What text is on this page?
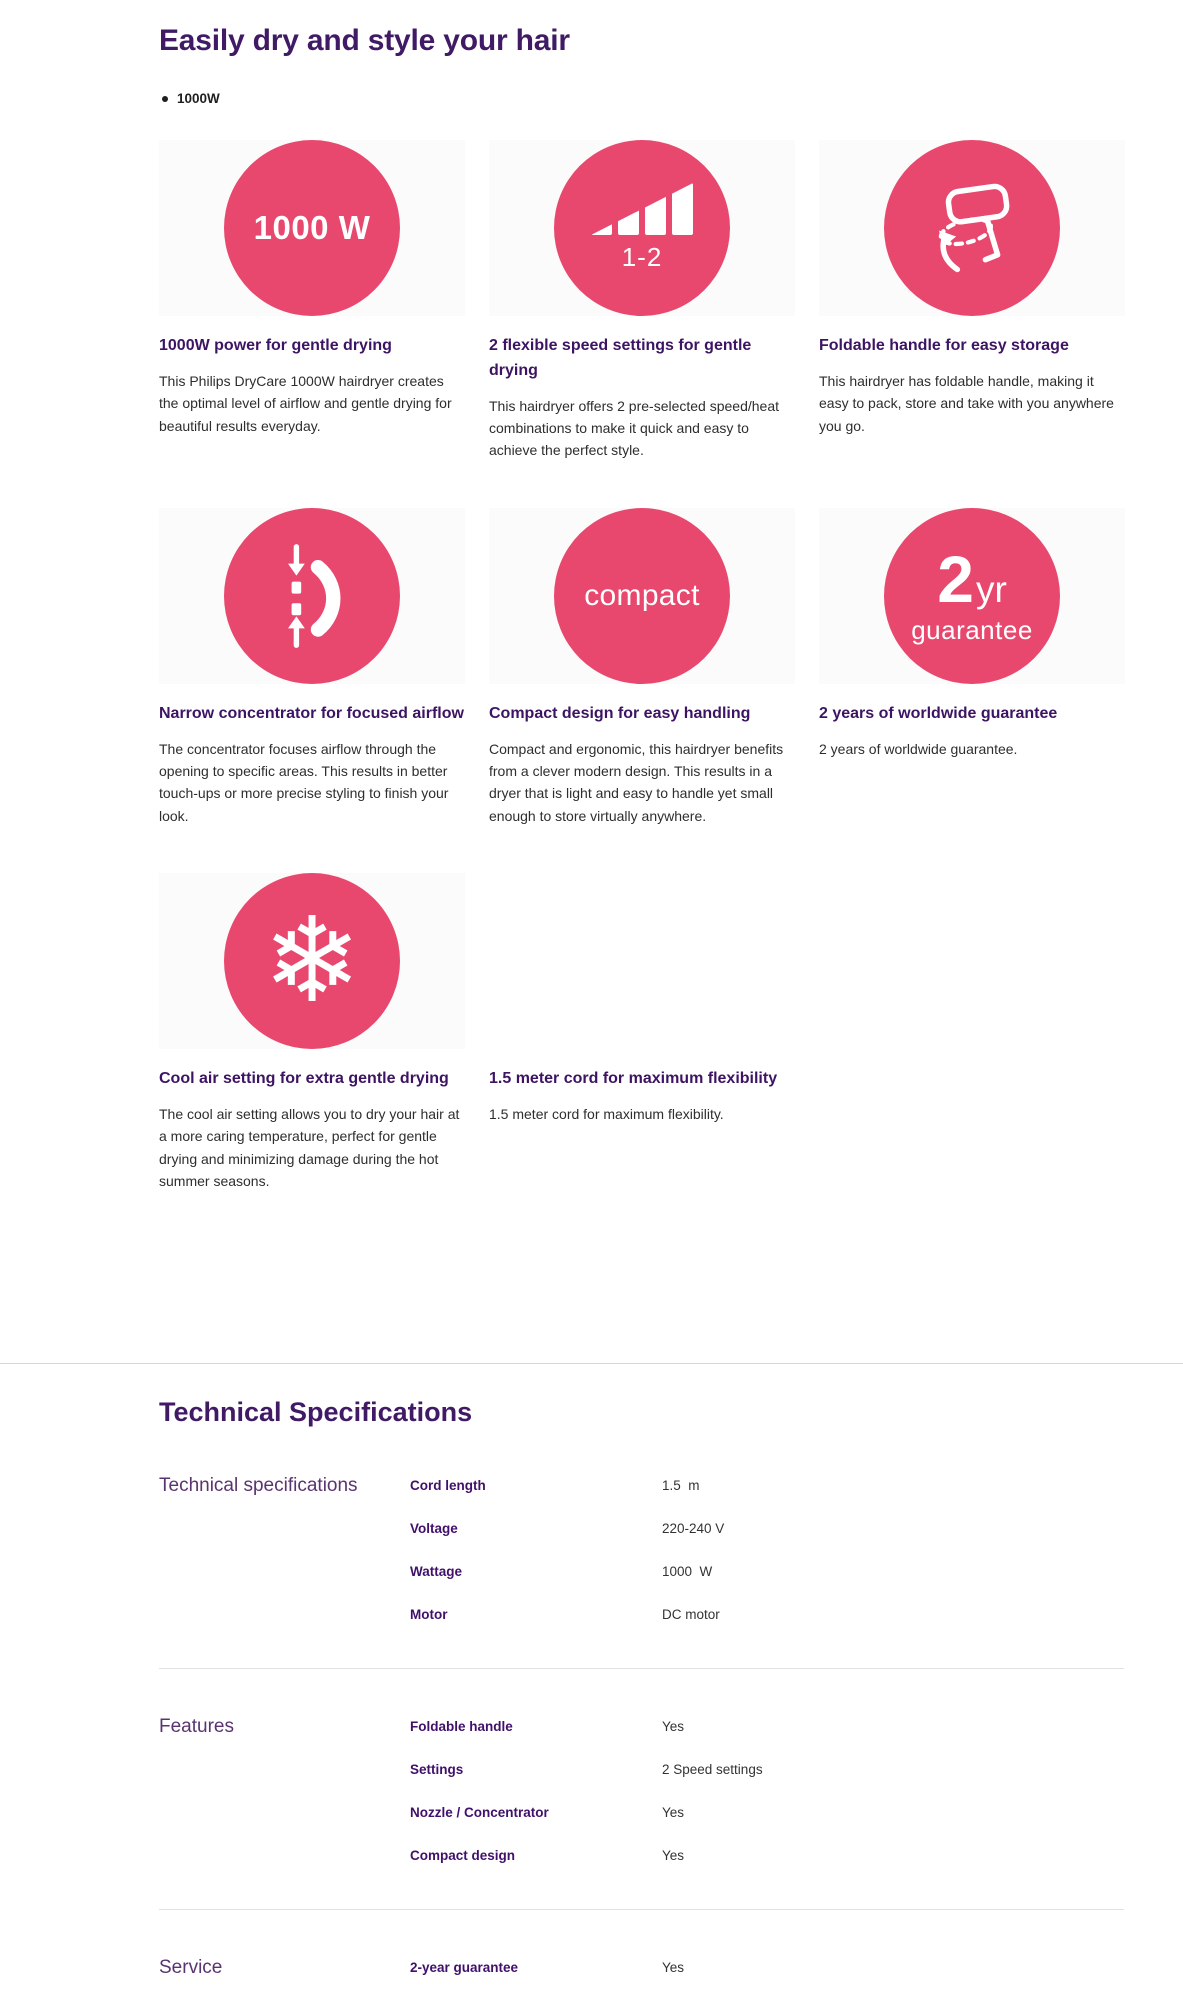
Easily dry and style your hair
1000W
1000 W
1000W power for gentle drying
This Philips DryCare 1000W hairdryer creates the optimal level of airflow and gentle drying for beautiful results everyday.
1-2
2 flexible speed settings for gentle drying
This hairdryer offers 2 pre-selected speed/heat combinations to make it quick and easy to achieve the perfect style.
Foldable handle for easy storage
This hairdryer has foldable handle, making it easy to pack, store and take with you anywhere you go.
Narrow concentrator for focused airflow
The concentrator focuses airflow through the opening to specific areas. This results in better touch-ups or more precise styling to finish your look.
compact
Compact design for easy handling
Compact and ergonomic, this hairdryer benefits from a clever modern design. This results in a dryer that is light and easy to handle yet small enough to store virtually anywhere.
2 yr
guarantee
2 years of worldwide guarantee
2 years of worldwide guarantee.
❄
Cool air setting for extra gentle drying
The cool air setting allows you to dry your hair at a more caring temperature, perfect for gentle drying and minimizing damage during the hot summer seasons.
1.5 meter cord for maximum flexibility
1.5 meter cord for maximum flexibility.
Technical Specifications
Technical specifications	Cord length	1.5  m
Voltage	220-240 V
Wattage	1000  W
Motor	DC motor
Features	Foldable handle	Yes
Settings	2 Speed settings
Nozzle / Concentrator	Yes
Compact design	Yes
Service	2-year guarantee	Yes
